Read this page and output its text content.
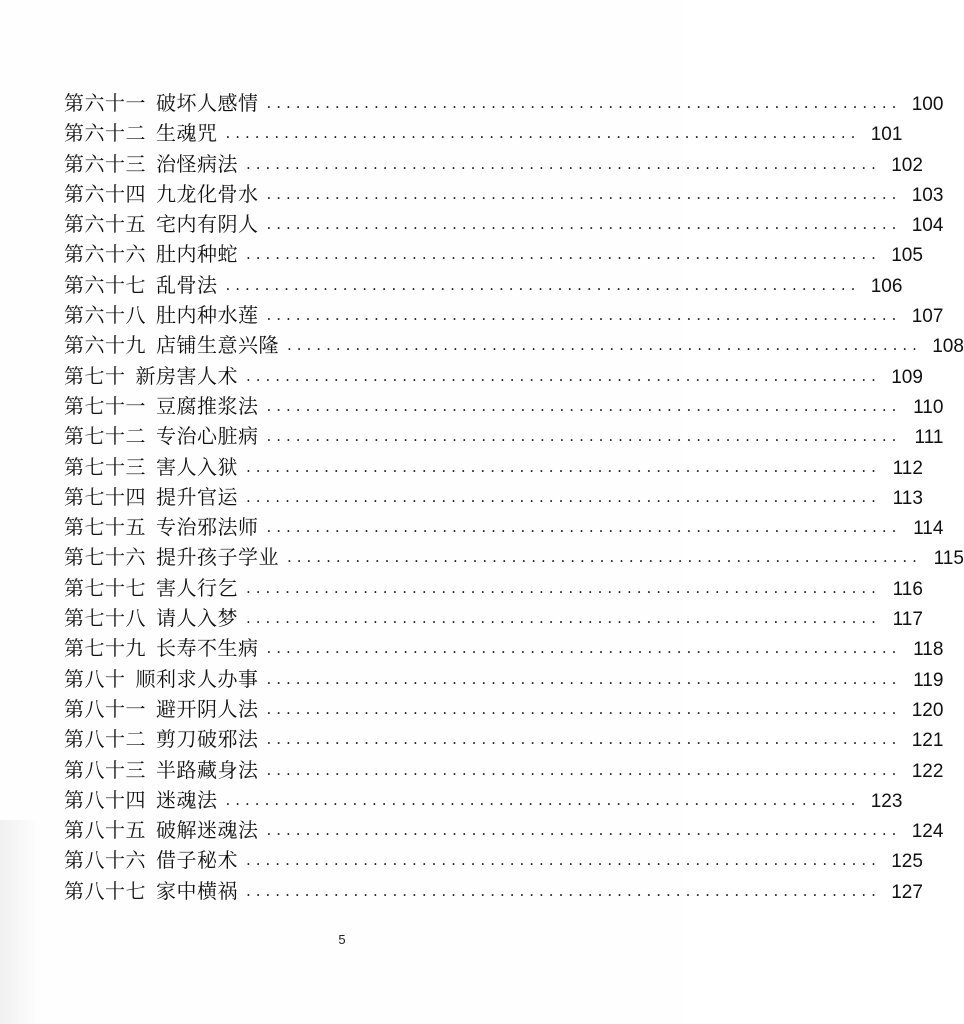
第六十一 破坏人感情 ................................................................. 100
第六十二 生魂咒 ................................................................. 101
第六十三 治怪病法 ................................................................. 102
第六十四 九龙化骨水 ................................................................. 103
第六十五 宅内有阴人 ................................................................. 104
第六十六 肚内种蛇 ................................................................. 105
第六十七 乱骨法 ................................................................. 106
第六十八 肚内种水莲 ................................................................. 107
第六十九 店铺生意兴隆 ................................................................. 108
第七十 新房害人术 ................................................................. 109
第七十一 豆腐推浆法 ................................................................. 110
第七十二 专治心脏病 ................................................................. 111
第七十三 害人入狱 ................................................................. 112
第七十四 提升官运 ................................................................. 113
第七十五 专治邪法师 ................................................................. 114
第七十六 提升孩子学业 ................................................................. 115
第七十七 害人行乞 ................................................................. 116
第七十八 请人入梦 ................................................................. 117
第七十九 长寿不生病 ................................................................. 118
第八十 顺利求人办事 ................................................................. 119
第八十一 避开阴人法 ................................................................. 120
第八十二 剪刀破邪法 ................................................................. 121
第八十三 半路藏身法 ................................................................. 122
第八十四 迷魂法 ................................................................. 123
第八十五 破解迷魂法 ................................................................. 124
第八十六 借子秘术 ................................................................. 125
第八十七 家中横祸 ................................................................. 127
5
